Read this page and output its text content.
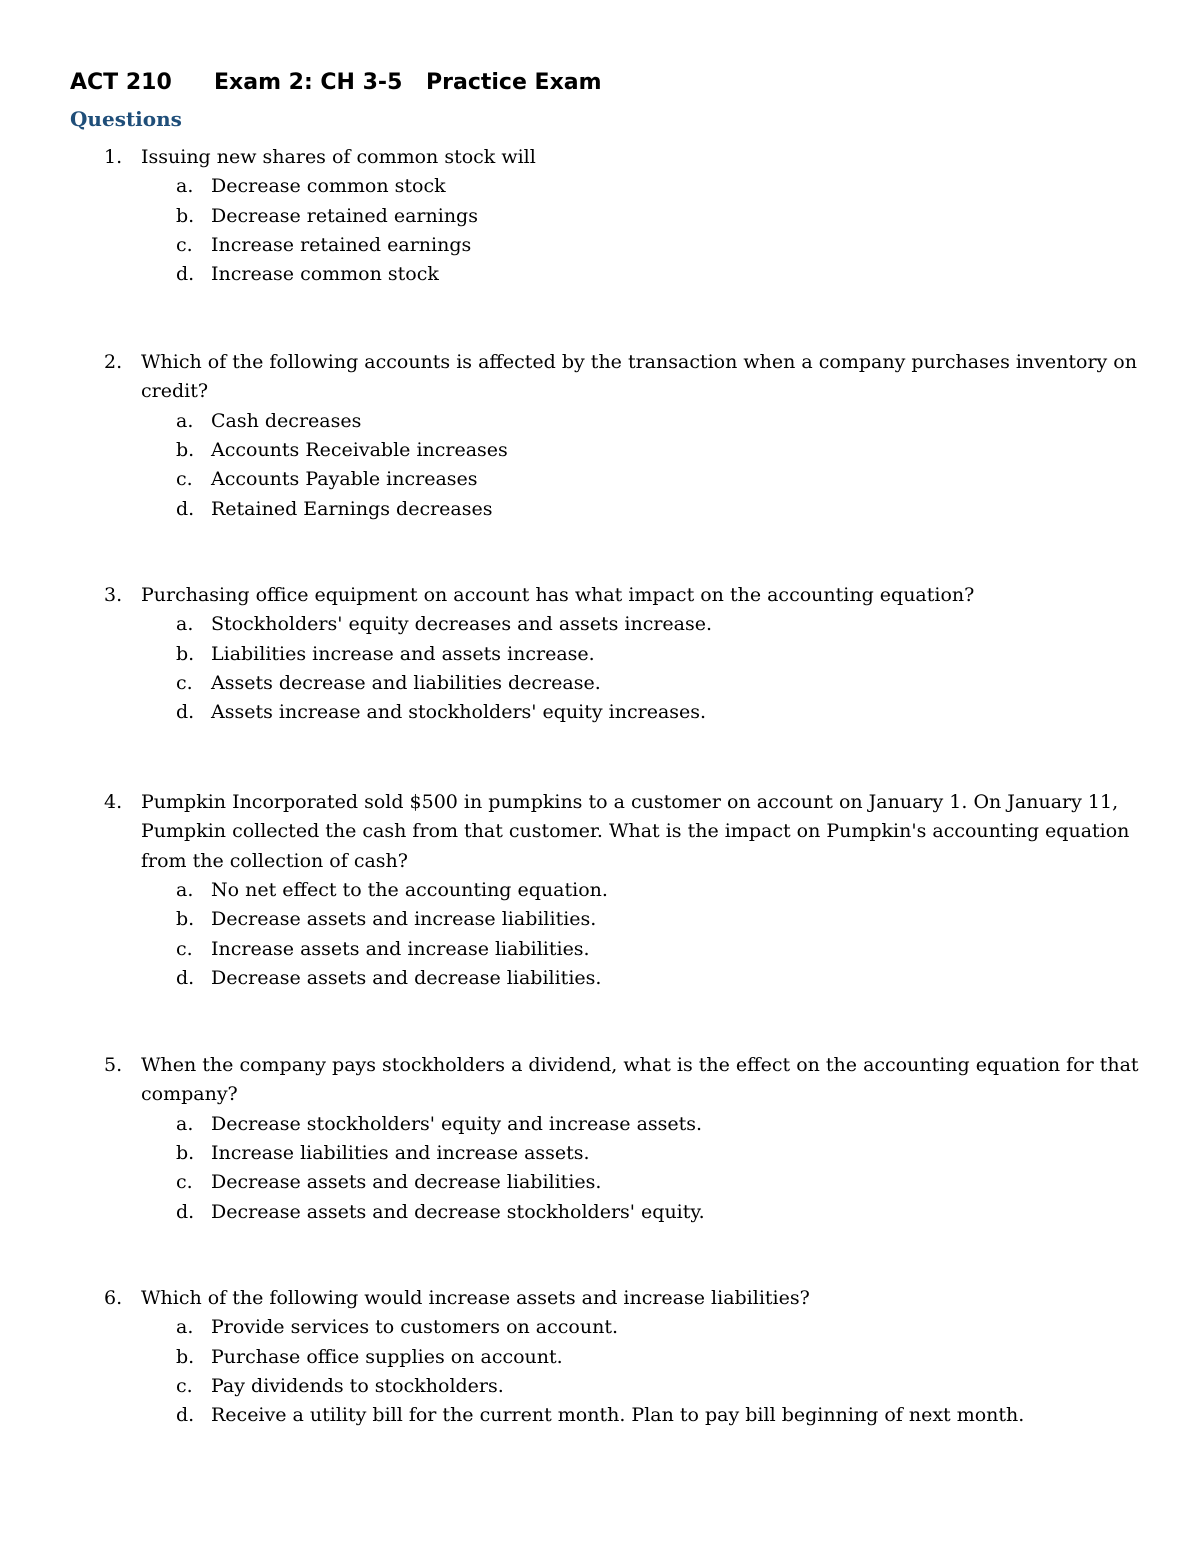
ACT 210 Exam 2: CH 3-5 Practice Exam
Questions
1. Issuing new shares of common stock will
a. Decrease common stock
b. Decrease retained earnings
c. Increase retained earnings
d. Increase common stock
2. Which of the following accounts is affected by the transaction when a company purchases inventory on
credit?
a. Cash decreases
b. Accounts Receivable increases
c. Accounts Payable increases
d. Retained Earnings decreases
3. Purchasing office equipment on account has what impact on the accounting equation?
a. Stockholders' equity decreases and assets increase.
b. Liabilities increase and assets increase.
c. Assets decrease and liabilities decrease.
d. Assets increase and stockholders' equity increases.
4. Pumpkin Incorporated sold $500 in pumpkins to a customer on account on January 1. On January 11,
Pumpkin collected the cash from that customer. What is the impact on Pumpkin's accounting equation
from the collection of cash?
a. No net effect to the accounting equation.
b. Decrease assets and increase liabilities.
c. Increase assets and increase liabilities.
d. Decrease assets and decrease liabilities.
5. When the company pays stockholders a dividend, what is the effect on the accounting equation for that
company?
a. Decrease stockholders' equity and increase assets.
b. Increase liabilities and increase assets.
c. Decrease assets and decrease liabilities.
d. Decrease assets and decrease stockholders' equity.
6. Which of the following would increase assets and increase liabilities?
a. Provide services to customers on account.
b. Purchase office supplies on account.
c. Pay dividends to stockholders.
d. Receive a utility bill for the current month. Plan to pay bill beginning of next month.
